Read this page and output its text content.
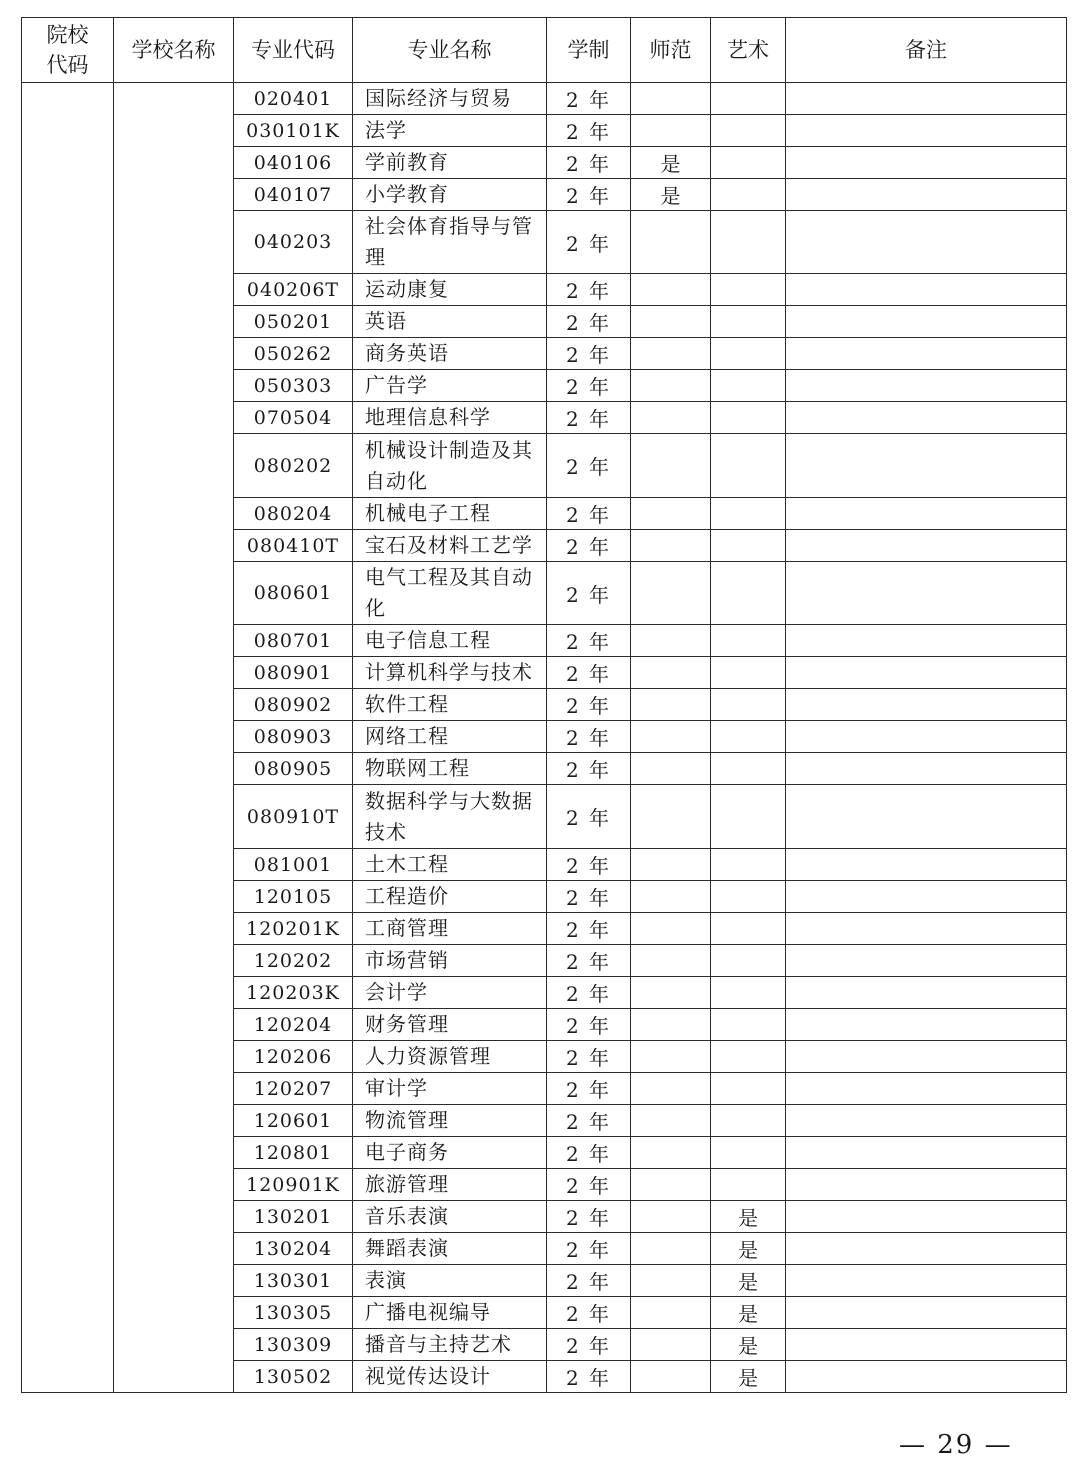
院校代码	学校名称	专业代码	专业名称	学制	师范	艺术	备注
		020401	国际经济与贸易	2 年			
		030101K	法学	2 年			
		040106	学前教育	2 年	是		
		040107	小学教育	2 年	是		
		040203	社会体育指导与管理	2 年			
		040206T	运动康复	2 年			
		050201	英语	2 年			
		050262	商务英语	2 年			
		050303	广告学	2 年			
		070504	地理信息科学	2 年			
		080202	机械设计制造及其自动化	2 年			
		080204	机械电子工程	2 年			
		080410T	宝石及材料工艺学	2 年			
		080601	电气工程及其自动化	2 年			
		080701	电子信息工程	2 年			
		080901	计算机科学与技术	2 年			
		080902	软件工程	2 年			
		080903	网络工程	2 年			
		080905	物联网工程	2 年			
		080910T	数据科学与大数据技术	2 年			
		081001	土木工程	2 年			
		120105	工程造价	2 年			
		120201K	工商管理	2 年			
		120202	市场营销	2 年			
		120203K	会计学	2 年			
		120204	财务管理	2 年			
		120206	人力资源管理	2 年			
		120207	审计学	2 年			
		120601	物流管理	2 年			
		120801	电子商务	2 年			
		120901K	旅游管理	2 年			
		130201	音乐表演	2 年		是	
		130204	舞蹈表演	2 年		是	
		130301	表演	2 年		是	
		130305	广播电视编导	2 年		是	
		130309	播音与主持艺术	2 年		是	
		130502	视觉传达设计	2 年		是	
— 29 —
